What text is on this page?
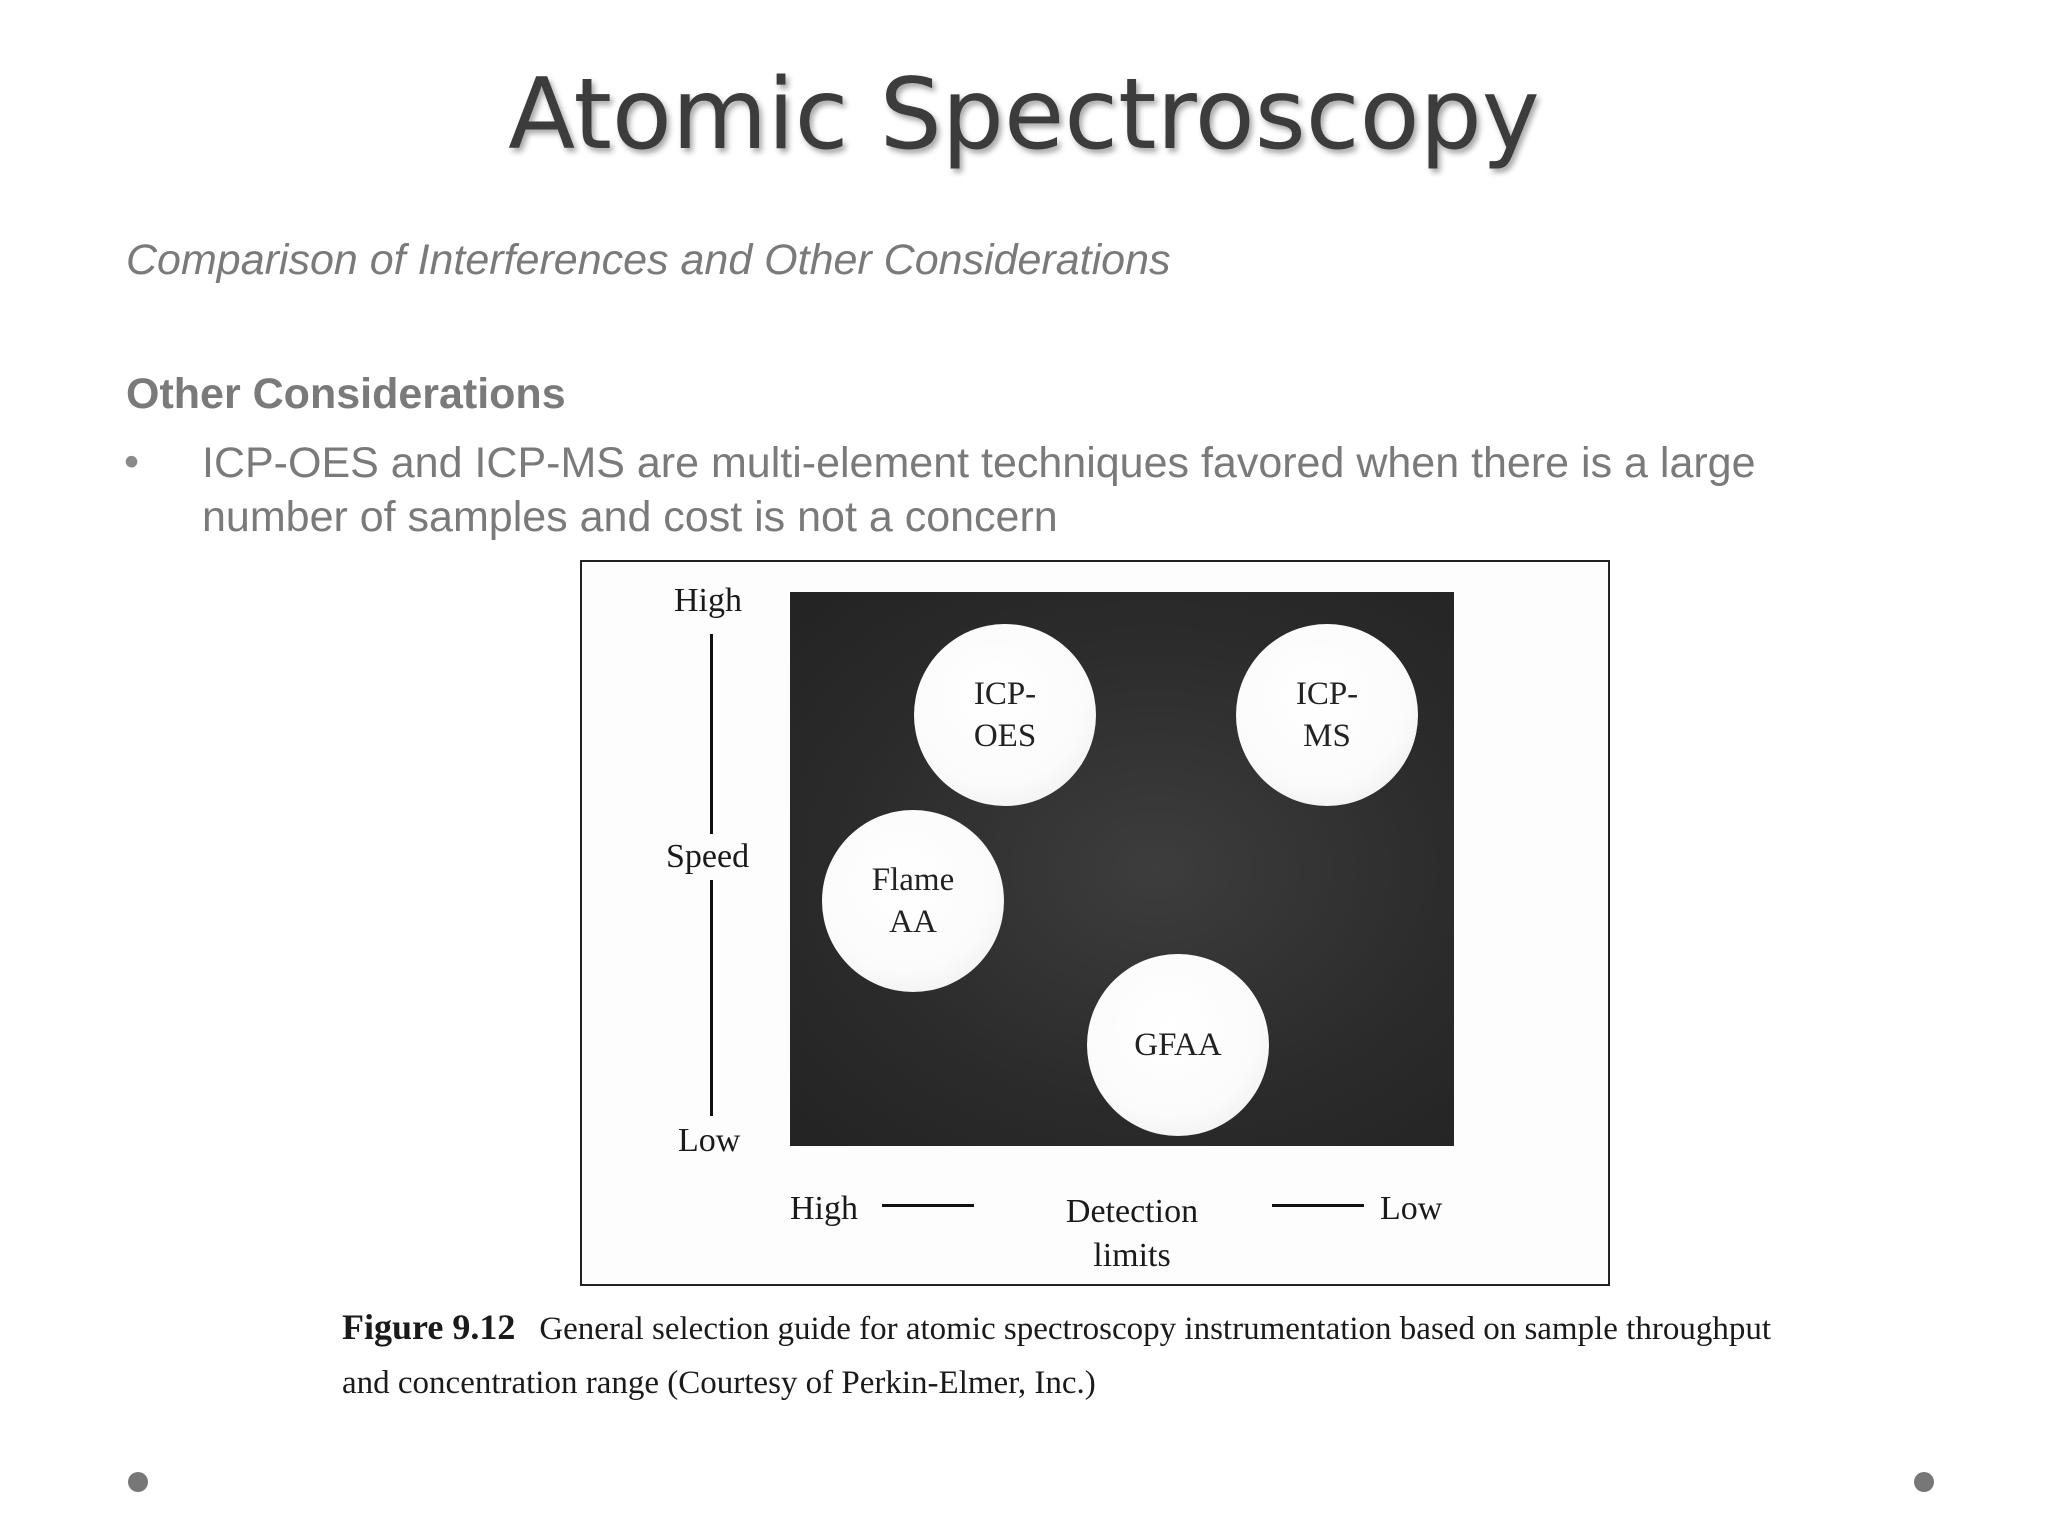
Atomic Spectroscopy
Comparison of Interferences and Other Considerations
Other Considerations
• ICP-OES and ICP-MS are multi-element techniques favored when there is a large number of samples and cost is not a concern
High
Speed
Low
ICP-
OES
ICP-
MS
Flame
AA
GFAA
High	Detection limits
Low
Figure 9.12 General selection guide for atomic spectroscopy instrumentation based on sample throughput and concentration range (Courtesy of Perkin-Elmer, Inc.)
